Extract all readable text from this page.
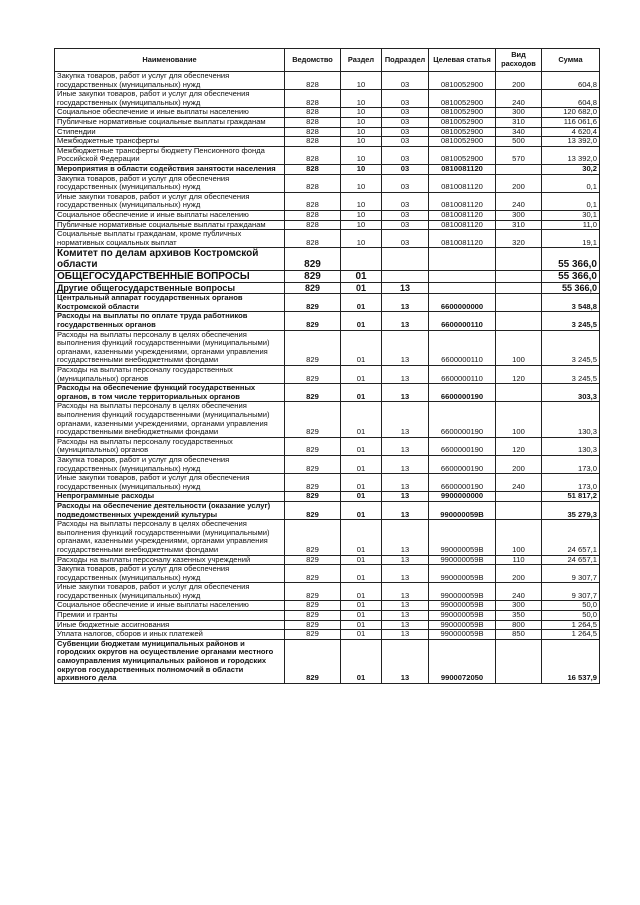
Наименование	Ведомство	Раздел	Подраздел	Целевая статья	Вид расходов	Сумма
Закупка товаров, работ и услуг для обеспечения государственных (муниципальных) нужд	828	10	03	0810052900	200	604,8
Иные закупки товаров, работ и услуг для обеспечения государственных (муниципальных) нужд	828	10	03	0810052900	240	604,8
Социальное обеспечение и иные выплаты населению	828	10	03	0810052900	300	120 682,0
Публичные нормативные социальные выплаты гражданам	828	10	03	0810052900	310	116 061,6
Стипендии	828	10	03	0810052900	340	4 620,4
Межбюджетные трансферты	828	10	03	0810052900	500	13 392,0
Межбюджетные трансферты бюджету Пенсионного фонда Российской Федерации	828	10	03	0810052900	570	13 392,0
Мероприятия в области содействия занятости населения	828	10	03	0810081120		30,2
Закупка товаров, работ и услуг для обеспечения государственных (муниципальных) нужд	828	10	03	0810081120	200	0,1
Иные закупки товаров, работ и услуг для обеспечения государственных (муниципальных) нужд	828	10	03	0810081120	240	0,1
Социальное обеспечение и иные выплаты населению	828	10	03	0810081120	300	30,1
Публичные нормативные социальные выплаты гражданам	828	10	03	0810081120	310	11,0
Социальные выплаты гражданам, кроме публичных нормативных социальных выплат	828	10	03	0810081120	320	19,1
Комитет по делам архивов Костромской области	829					55 366,0
ОБЩЕГОСУДАРСТВЕННЫЕ ВОПРОСЫ	829	01				55 366,0
Другие общегосударственные вопросы	829	01	13			55 366,0
Центральный аппарат государственных органов Костромской области	829	01	13	6600000000		3 548,8
Расходы на выплаты по оплате труда работников государственных органов	829	01	13	6600000110		3 245,5
Расходы на выплаты персоналу в целях обеспечения выполнения функций государственными (муниципальными) органами, казенными учреждениями, органами управления государственными внебюджетными фондами	829	01	13	6600000110	100	3 245,5
Расходы на выплаты персоналу государственных (муниципальных) органов	829	01	13	6600000110	120	3 245,5
Расходы на обеспечение функций государственных органов, в том числе территориальных органов	829	01	13	6600000190		303,3
Расходы на выплаты персоналу в целях обеспечения выполнения функций государственными (муниципальными) органами, казенными учреждениями, органами управления государственными внебюджетными фондами	829	01	13	6600000190	100	130,3
Расходы на выплаты персоналу государственных (муниципальных) органов	829	01	13	6600000190	120	130,3
Закупка товаров, работ и услуг для обеспечения государственных (муниципальных) нужд	829	01	13	6600000190	200	173,0
Иные закупки товаров, работ и услуг для обеспечения государственных (муниципальных) нужд	829	01	13	6600000190	240	173,0
Непрограммные расходы	829	01	13	9900000000		51 817,2
Расходы на обеспечение деятельности (оказание услуг) подведомственных учреждений культуры	829	01	13	990000059В		35 279,3
Расходы на выплаты персоналу в целях обеспечения выполнения функций государственными (муниципальными) органами, казенными учреждениями, органами управления государственными внебюджетными фондами	829	01	13	990000059В	100	24 657,1
Расходы на выплаты персоналу казенных учреждений	829	01	13	990000059В	110	24 657,1
Закупка товаров, работ и услуг для обеспечения государственных (муниципальных) нужд	829	01	13	990000059В	200	9 307,7
Иные закупки товаров, работ и услуг для обеспечения государственных (муниципальных) нужд	829	01	13	990000059В	240	9 307,7
Социальное обеспечение и иные выплаты населению	829	01	13	990000059В	300	50,0
Премии и гранты	829	01	13	990000059В	350	50,0
Иные бюджетные ассигнования	829	01	13	990000059В	800	1 264,5
Уплата налогов, сборов и иных платежей	829	01	13	990000059В	850	1 264,5
Субвенции бюджетам муниципальных районов и городских округов на осуществление органами местного самоуправления муниципальных районов и городских округов государственных полномочий в области архивного дела	829	01	13	9900072050		16 537,9
